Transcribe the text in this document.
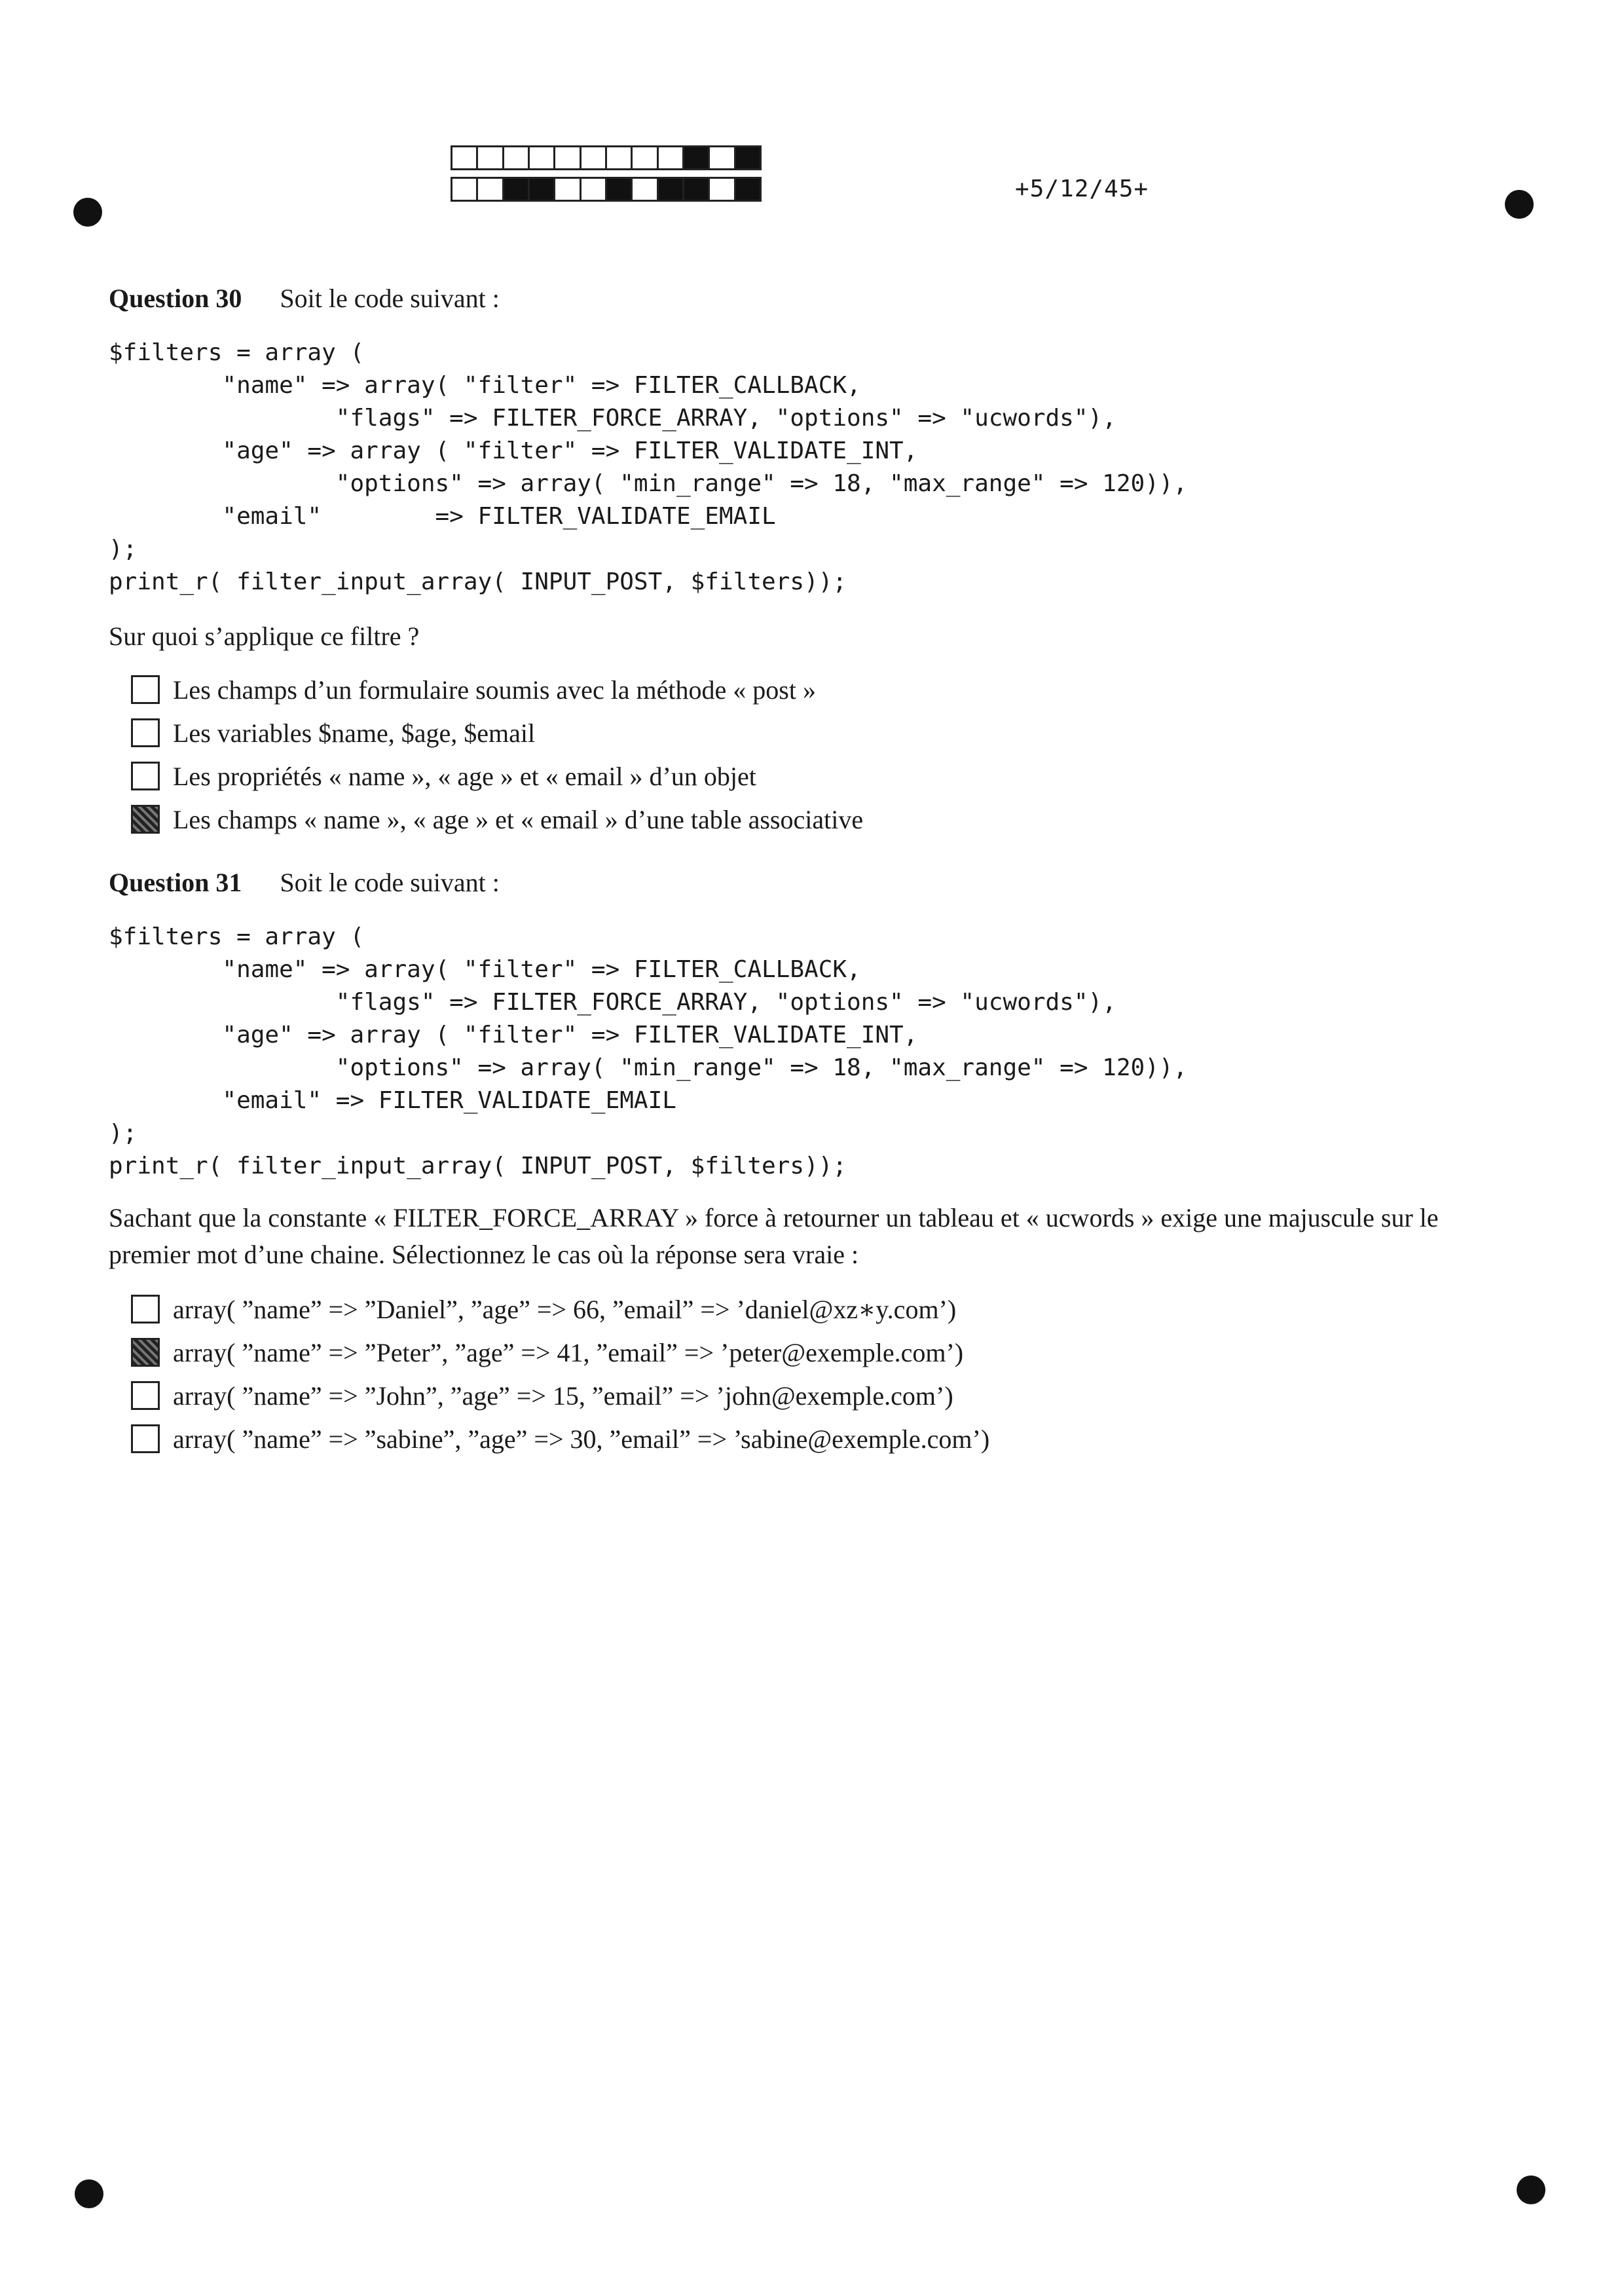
+5/12/45+
Question 30 Soit le code suivant :
$filters = array (
"name" => array( "filter" => FILTER_CALLBACK,
"flags" => FILTER_FORCE_ARRAY, "options" => "ucwords"),
"age" => array ( "filter" => FILTER_VALIDATE_INT,
"options" => array( "min_range" => 18, "max_range" => 120)),
"email"        => FILTER_VALIDATE_EMAIL
);
print_r( filter_input_array( INPUT_POST, $filters));
Sur quoi s’applique ce filtre ?
Les champs d’un formulaire soumis avec la méthode « post »
Les variables $name, $age, $email
Les propriétés « name », « age » et « email » d’un objet
Les champs « name », « age » et « email » d’une table associative
Question 31 Soit le code suivant :
$filters = array (
"name" => array( "filter" => FILTER_CALLBACK,
"flags" => FILTER_FORCE_ARRAY, "options" => "ucwords"),
"age" => array ( "filter" => FILTER_VALIDATE_INT,
"options" => array( "min_range" => 18, "max_range" => 120)),
"email" => FILTER_VALIDATE_EMAIL
);
print_r( filter_input_array( INPUT_POST, $filters));
Sachant que la constante « FILTER_FORCE_ARRAY » force à retourner un tableau et « ucwords » exige une majuscule sur le premier mot d’une chaine. Sélectionnez le cas où la réponse sera vraie :
array( ”name” => ”Daniel”, ”age” => 66, ”email” => ’daniel@xz∗y.com’)
array( ”name” => ”Peter”, ”age” => 41, ”email” => ’peter@exemple.com’)
array( ”name” => ”John”, ”age” => 15, ”email” => ’john@exemple.com’)
array( ”name” => ”sabine”, ”age” => 30, ”email” => ’sabine@exemple.com’)
